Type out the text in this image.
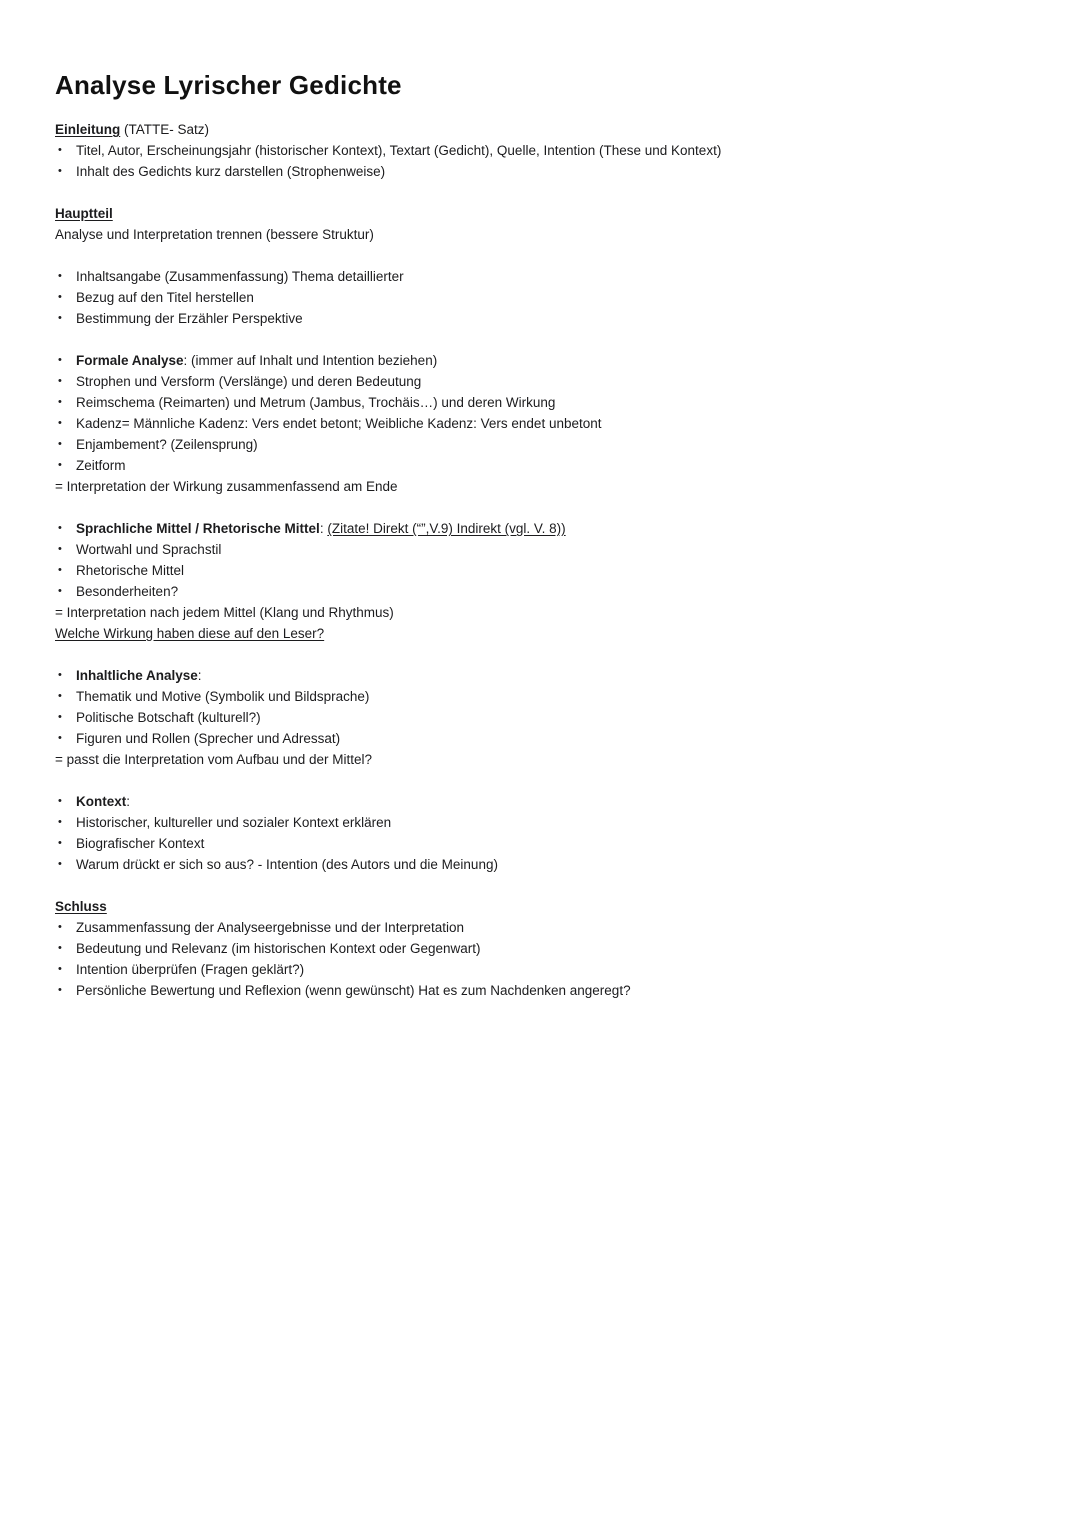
Analyse Lyrischer Gedichte
Einleitung (TATTE- Satz)
•	Titel, Autor, Erscheinungsjahr (historischer Kontext), Textart (Gedicht), Quelle, Intention (These und Kontext)
•	Inhalt des Gedichts kurz darstellen (Strophenweise)
Hauptteil
Analyse und Interpretation trennen (bessere Struktur)
•	Inhaltsangabe (Zusammenfassung) Thema detaillierter
•	Bezug auf den Titel herstellen
•	Bestimmung der Erzähler Perspektive
•	Formale Analyse: (immer auf Inhalt und Intention beziehen)
•	Strophen und Versform (Verslänge) und deren Bedeutung
•	Reimschema (Reimarten) und Metrum (Jambus, Trochäis…) und deren Wirkung
•	Kadenz= Männliche Kadenz: Vers endet betont; Weibliche Kadenz: Vers endet unbetont
•	Enjambement? (Zeilensprung)
•	Zeitform
= Interpretation der Wirkung zusammenfassend am Ende
•	Sprachliche Mittel / Rhetorische Mittel: (Zitate! Direkt (“”,V.9) Indirekt (vgl. V. 8))
•	Wortwahl und Sprachstil
•	Rhetorische Mittel
•	Besonderheiten?
= Interpretation nach jedem Mittel (Klang und Rhythmus)
Welche Wirkung haben diese auf den Leser?
•	Inhaltliche Analyse:
•	Thematik und Motive (Symbolik und Bildsprache)
•	Politische Botschaft (kulturell?)
•	Figuren und Rollen (Sprecher und Adressat)
= passt die Interpretation vom Aufbau und der Mittel?
•	Kontext:
•	Historischer, kultureller und sozialer Kontext erklären
•	Biografischer Kontext
•	Warum drückt er sich so aus? - Intention (des Autors und die Meinung)
Schluss
•	Zusammenfassung der Analyseergebnisse und der Interpretation
•	Bedeutung und Relevanz (im historischen Kontext oder Gegenwart)
•	Intention überprüfen (Fragen geklärt?)
•	Persönliche Bewertung und Reflexion (wenn gewünscht) Hat es zum Nachdenken angeregt?
